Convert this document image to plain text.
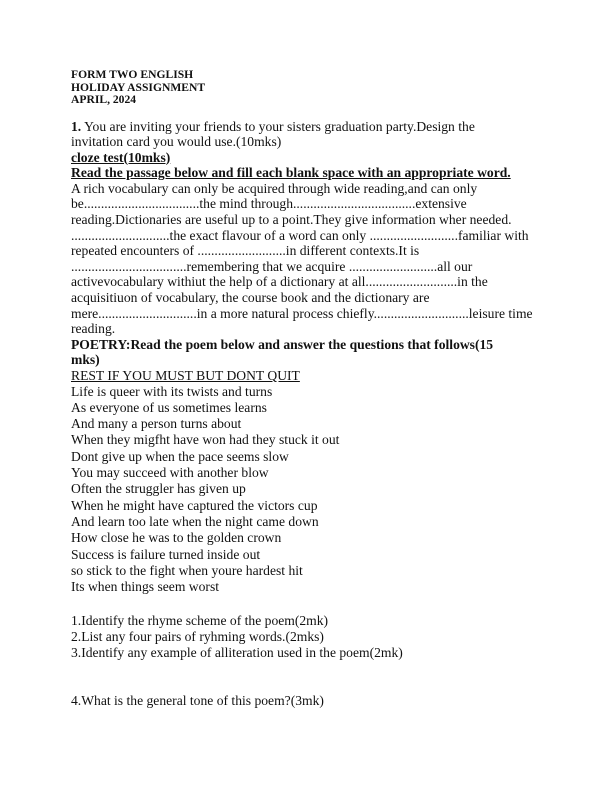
FORM TWO ENGLISH
HOLIDAY ASSIGNMENT
APRIL, 2024
1. You are inviting your friends to your sisters graduation party.Design the
invitation card you would use.(10mks)
cloze test(10mks)
Read the passage below and fill each blank space with an appropriate word.
A rich vocabulary can only be acquired through wide reading,and can only
be..................................the mind through....................................extensive
reading.Dictionaries are useful up to a point.They give information wher needed.
.............................the exact flavour of a word can only ..........................familiar with
repeated encounters of ..........................in different contexts.It is
..................................remembering that we acquire ..........................all our
activevocabulary withiut the help of a dictionary at all...........................in the
acquisitiuon of vocabulary, the course book and the dictionary are
mere.............................in a more natural process chiefly............................leisure time
reading.
POETRY:Read the poem below and answer the questions that follows(15
mks)
REST IF YOU MUST BUT DONT QUIT
Life is queer with its twists and turns
As everyone of us sometimes learns
And many a person turns about
When they migfht have won had they stuck it out
Dont give up when the pace seems slow
You may succeed with another blow
Often the struggler has given up
When he might have captured the victors cup
And learn too late when the night came down
How close he was to the golden crown
Success is failure turned inside out
so stick to the fight when youre hardest hit
Its when things seem worst
1.Identify the rhyme scheme of the poem(2mk)
2.List any four pairs of ryhming words.(2mks)
3.Identify any example of alliteration used in the poem(2mk)
4.What is the general tone of this poem?(3mk)
